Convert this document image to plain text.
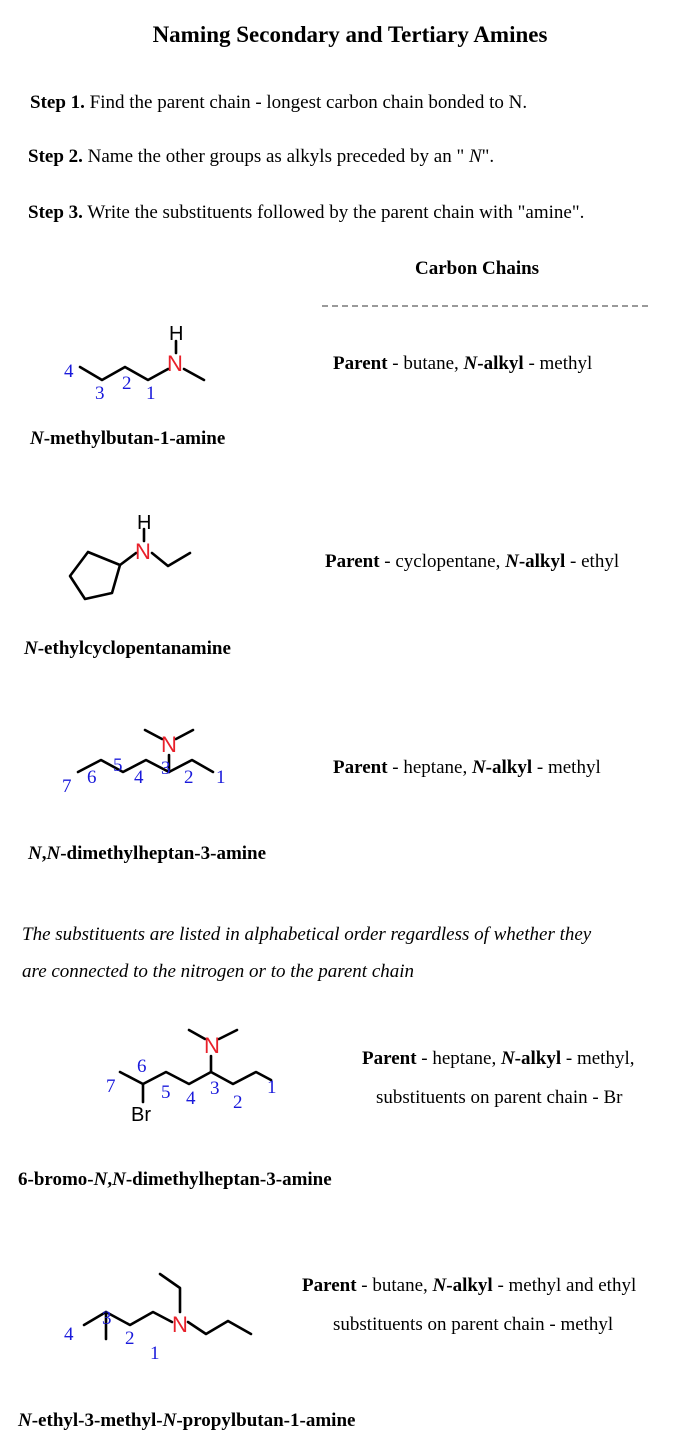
Naming Secondary and Tertiary Amines
Step 1. Find the parent chain - longest carbon chain bonded to N.
Step 2. Name the other groups as alkyls preceded by an " N".
Step 3. Write the substituents followed by the parent chain with "amine".
Carbon Chains
N
H
4
3 2 1
Parent - butane, N-alkyl - methyl
N-methylbutan-1-amine
N
H
Parent - cyclopentane, N-alkyl - ethyl
N-ethylcyclopentanamine
N
7 6
5
4 3 2 1	Parent - heptane, N-alkyl - methyl
N,N-dimethylheptan-3-amine
The substituents are listed in alphabetical order regardless of whether they
are connected to the nitrogen or to the parent chain
N
Br
7
6
5 4 3
2
1
Parent - heptane, N-alkyl - methyl,
substituents on parent chain - Br
6-bromo-N,N-dimethylheptan-3-amine
N
4
3
2
1
Parent - butane, N-alkyl - methyl and ethyl
substituents on parent chain - methyl
N-ethyl-3-methyl-N-propylbutan-1-amine
